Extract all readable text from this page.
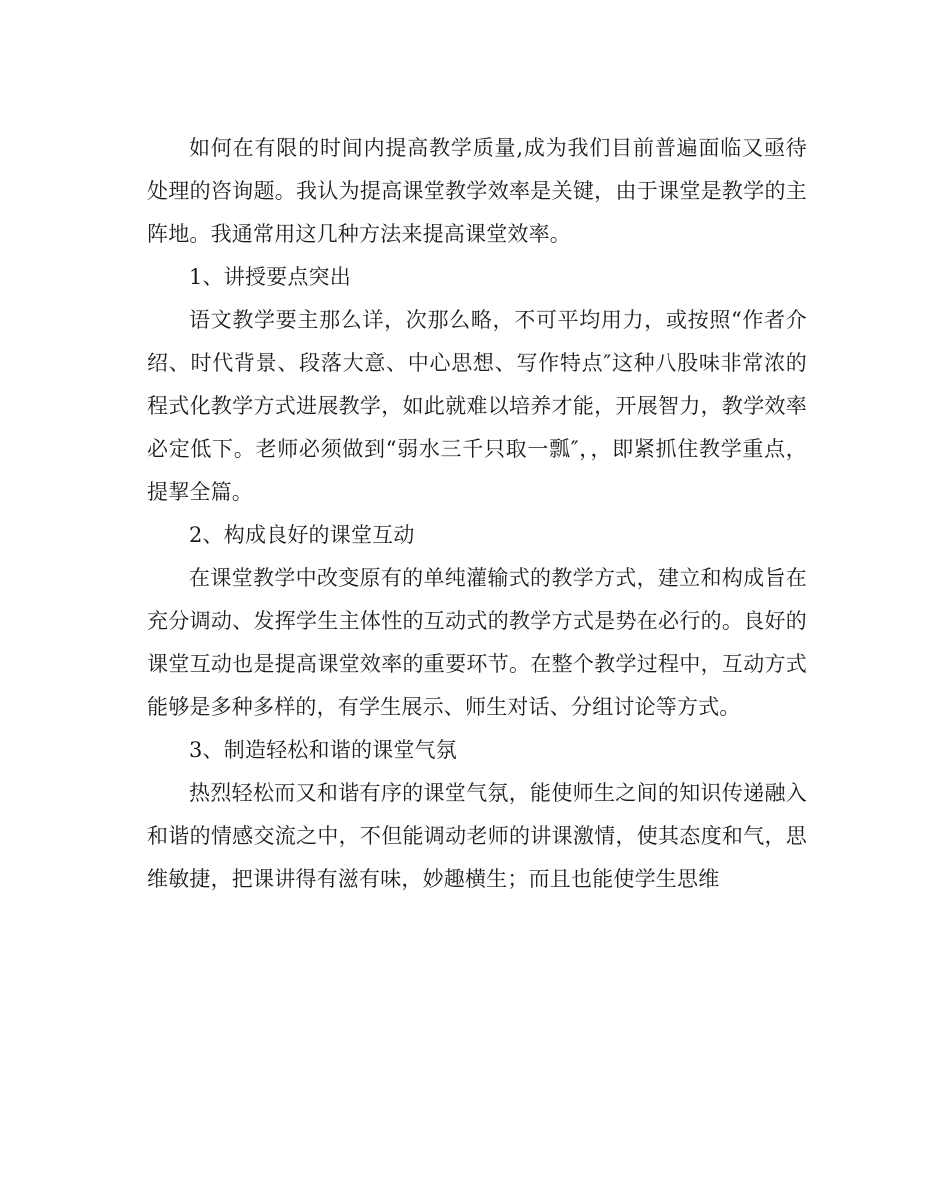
如何在有限的时间内提高教学质量,成为我们目前普遍面临又亟待处理的咨询题。我认为提高课堂教学效率是关键，由于课堂是教学的主阵地。我通常用这几种方法来提高课堂效率。

1、讲授要点突出

语文教学要主那么详，次那么略，不可平均用力，或按照“作者介绍、时代背景、段落大意、中心思想、写作特点″这种八股味非常浓的程式化教学方式进展教学，如此就难以培养才能，开展智力，教学效率必定低下。老师必须做到“弱水三千只取一瓢″，，即紧抓住教学重点，提挈全篇。

2、构成良好的课堂互动

在课堂教学中改变原有的单纯灌输式的教学方式，建立和构成旨在充分调动、发挥学生主体性的互动式的教学方式是势在必行的。良好的课堂互动也是提高课堂效率的重要环节。在整个教学过程中，互动方式能够是多种多样的，有学生展示、师生对话、分组讨论等方式。

3、制造轻松和谐的课堂气氛

热烈轻松而又和谐有序的课堂气氛，能使师生之间的知识传递融入和谐的情感交流之中，不但能调动老师的讲课激情，使其态度和气，思维敏捷，把课讲得有滋有味，妙趣横生；而且也能使学生思维
